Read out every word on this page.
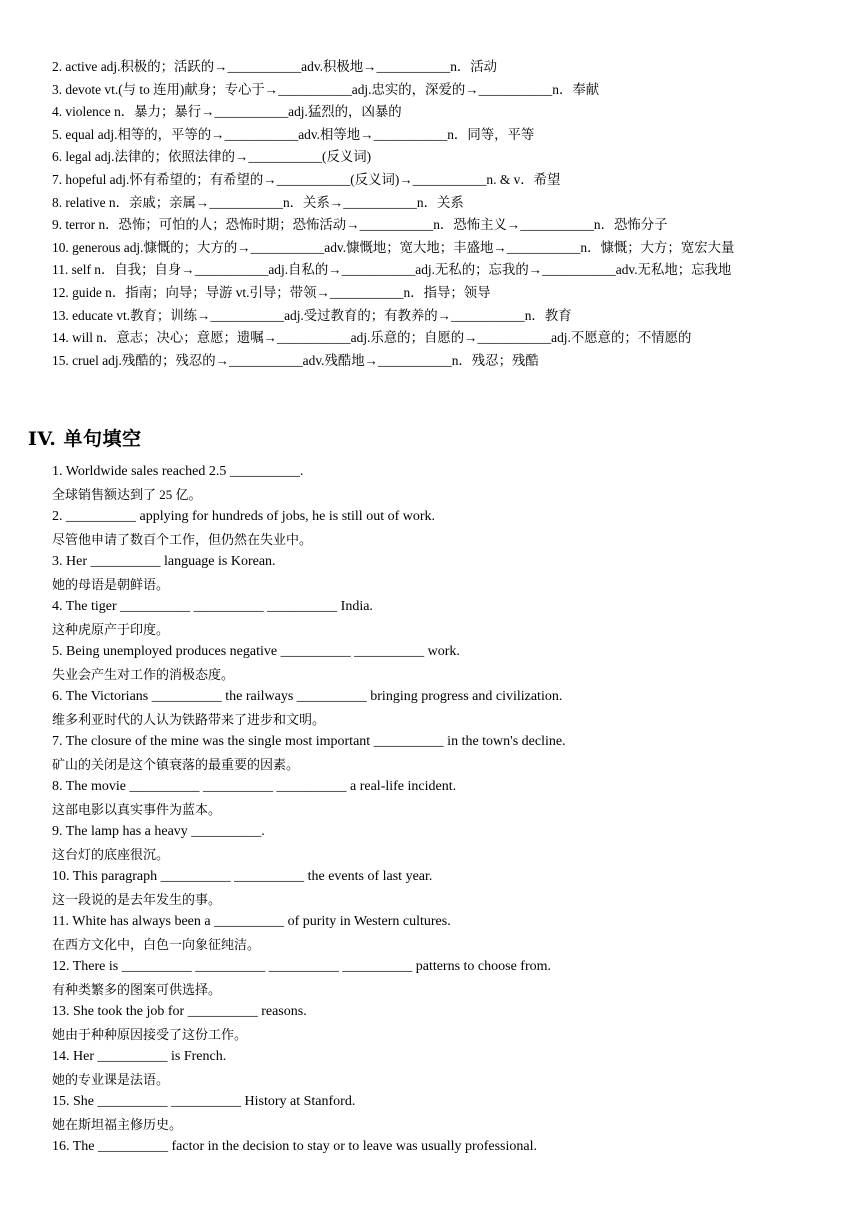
2. active adj.积极的；活跃的→___________adv.积极地→___________n．活动
3. devote vt.(与 to 连用)献身；专心于→___________adj.忠实的，深爱的→___________n．奉献
4. violence n．暴力；暴行→___________adj.猛烈的，凶暴的
5. equal adj.相等的，平等的→___________adv.相等地→___________n．同等，平等
6. legal adj.法律的；依照法律的→___________(反义词)
7. hopeful adj.怀有希望的；有希望的→___________(反义词)→___________n. & v．希望
8. relative n．亲戚；亲属→___________n．关系→___________n．关系
9. terror n．恐怖；可怕的人；恐怖时期；恐怖活动→___________n．恐怖主义→___________n．恐怖分子
10. generous adj.慷慨的；大方的→___________adv.慷慨地；宽大地；丰盛地→___________n．慷慨；大方；宽宏大量
11. self n．自我；自身→___________adj.自私的→___________adj.无私的；忘我的→___________adv.无私地；忘我地
12. guide n．指南；向导；导游 vt.引导；带领→___________n．指导；领导
13. educate vt.教育；训练→___________adj.受过教育的；有教养的→___________n．教育
14. will n．意志；决心；意愿；遗嘱→___________adj.乐意的；自愿的→___________adj.不愿意的；不情愿的
15. cruel adj.残酷的；残忍的→___________adv.残酷地→___________n．残忍；残酷
IV. 单句填空
1. Worldwide sales reached 2.5 __________.
全球销售额达到了 25 亿。
2. __________ applying for hundreds of jobs, he is still out of work.
尽管他申请了数百个工作，但仍然在失业中。
3. Her __________ language is Korean.
她的母语是朝鲜语。
4. The tiger __________ __________ __________ India.
这种虎原产于印度。
5. Being unemployed produces negative __________ __________ work.
失业会产生对工作的消极态度。
6. The Victorians __________ the railways __________ bringing progress and civilization.
维多利亚时代的人认为铁路带来了进步和文明。
7. The closure of the mine was the single most important __________ in the town's decline.
矿山的关闭是这个镇衰落的最重要的因素。
8. The movie __________ __________ __________ a real-life incident.
这部电影以真实事件为蓝本。
9. The lamp has a heavy __________.
这台灯的底座很沉。
10. This paragraph __________ __________ the events of last year.
这一段说的是去年发生的事。
11. White has always been a __________ of purity in Western cultures.
在西方文化中，白色一向象征纯洁。
12. There is __________ __________ __________ __________ patterns to choose from.
有种类繁多的图案可供选择。
13. She took the job for __________ reasons.
她由于种种原因接受了这份工作。
14. Her __________ is French.
她的专业课是法语。
15. She __________ __________ History at Stanford.
她在斯坦福主修历史。
16. The __________ factor in the decision to stay or to leave was usually professional.
